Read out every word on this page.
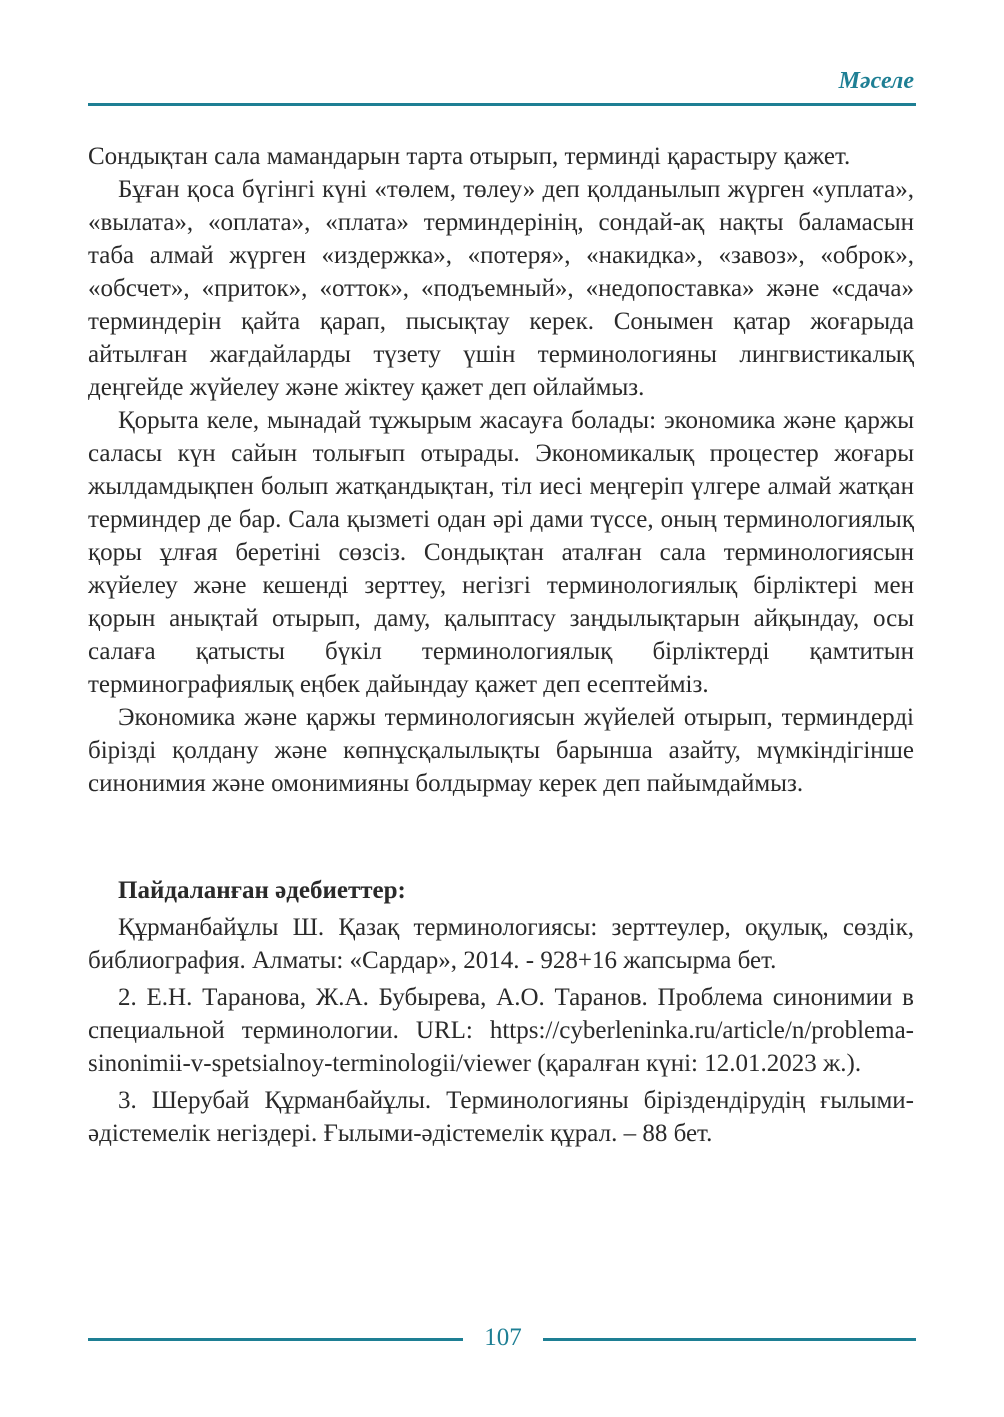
Мәселе

Сондықтан сала мамандарын тарта отырып, терминді қарастыру қажет.

Бұған қоса бүгінгі күні «төлем, төлеу» деп қолданылып жүрген «уплата», «вылата», «оплата», «плата» терминдерінің, сондай-ақ нақты баламасын таба алмай жүрген «издержка», «потеря», «накидка», «завоз», «оброк», «обсчет», «приток», «отток», «подъемный», «недопоставка» және «сдача» терминдерін қайта қарап, пысықтау керек. Сонымен қатар жоғарыда айтылған жағдайларды түзету үшін терминологияны лингвистикалық деңгейде жүйелеу және жіктеу қажет деп ойлаймыз.

Қорыта келе, мынадай тұжырым жасауға болады: экономика және қаржы саласы күн сайын толығып отырады. Экономикалық процестер жоғары жылдамдықпен болып жатқандықтан, тіл иесі меңгеріп үлгере алмай жатқан терминдер де бар. Сала қызметі одан әрі дами түссе, оның терминологиялық қоры ұлғая беретіні сөзсіз. Сондықтан аталған сала терминологиясын жүйелеу және кешенді зерттеу, негізгі терминологиялық бірліктері мен қорын анықтай отырып, даму, қалыптасу заңдылықтарын айқындау, осы салаға қатысты бүкіл терминологиялық бірліктерді қамтитын терминографиялық еңбек дайындау қажет деп есептейміз.

Экономика және қаржы терминологиясын жүйелей отырып, терминдерді бірізді қолдану және көпнұсқалылықты барынша азайту, мүмкіндігінше синонимия және омонимияны болдырмау керек деп пайымдаймыз.

Пайдаланған әдебиеттер:

Құрманбайұлы Ш. Қазақ терминологиясы: зерттеулер, оқулық, сөздік, библиография. Алматы: «Сардар», 2014. - 928+16 жапсырма бет.

2. Е.Н. Таранова, Ж.А. Бубырева, А.О. Таранов. Проблема синонимии в специальной терминологии. URL: https://cyberleninka.ru/article/n/problema-sinonimii-v-spetsialnoy-terminologii/viewer (қаралған күні: 12.01.2023 ж.).

3. Шерубай Құрманбайұлы. Терминологияны біріздендірудің ғылыми-әдістемелік негіздері. Ғылыми-әдістемелік құрал. – 88 бет.

107
